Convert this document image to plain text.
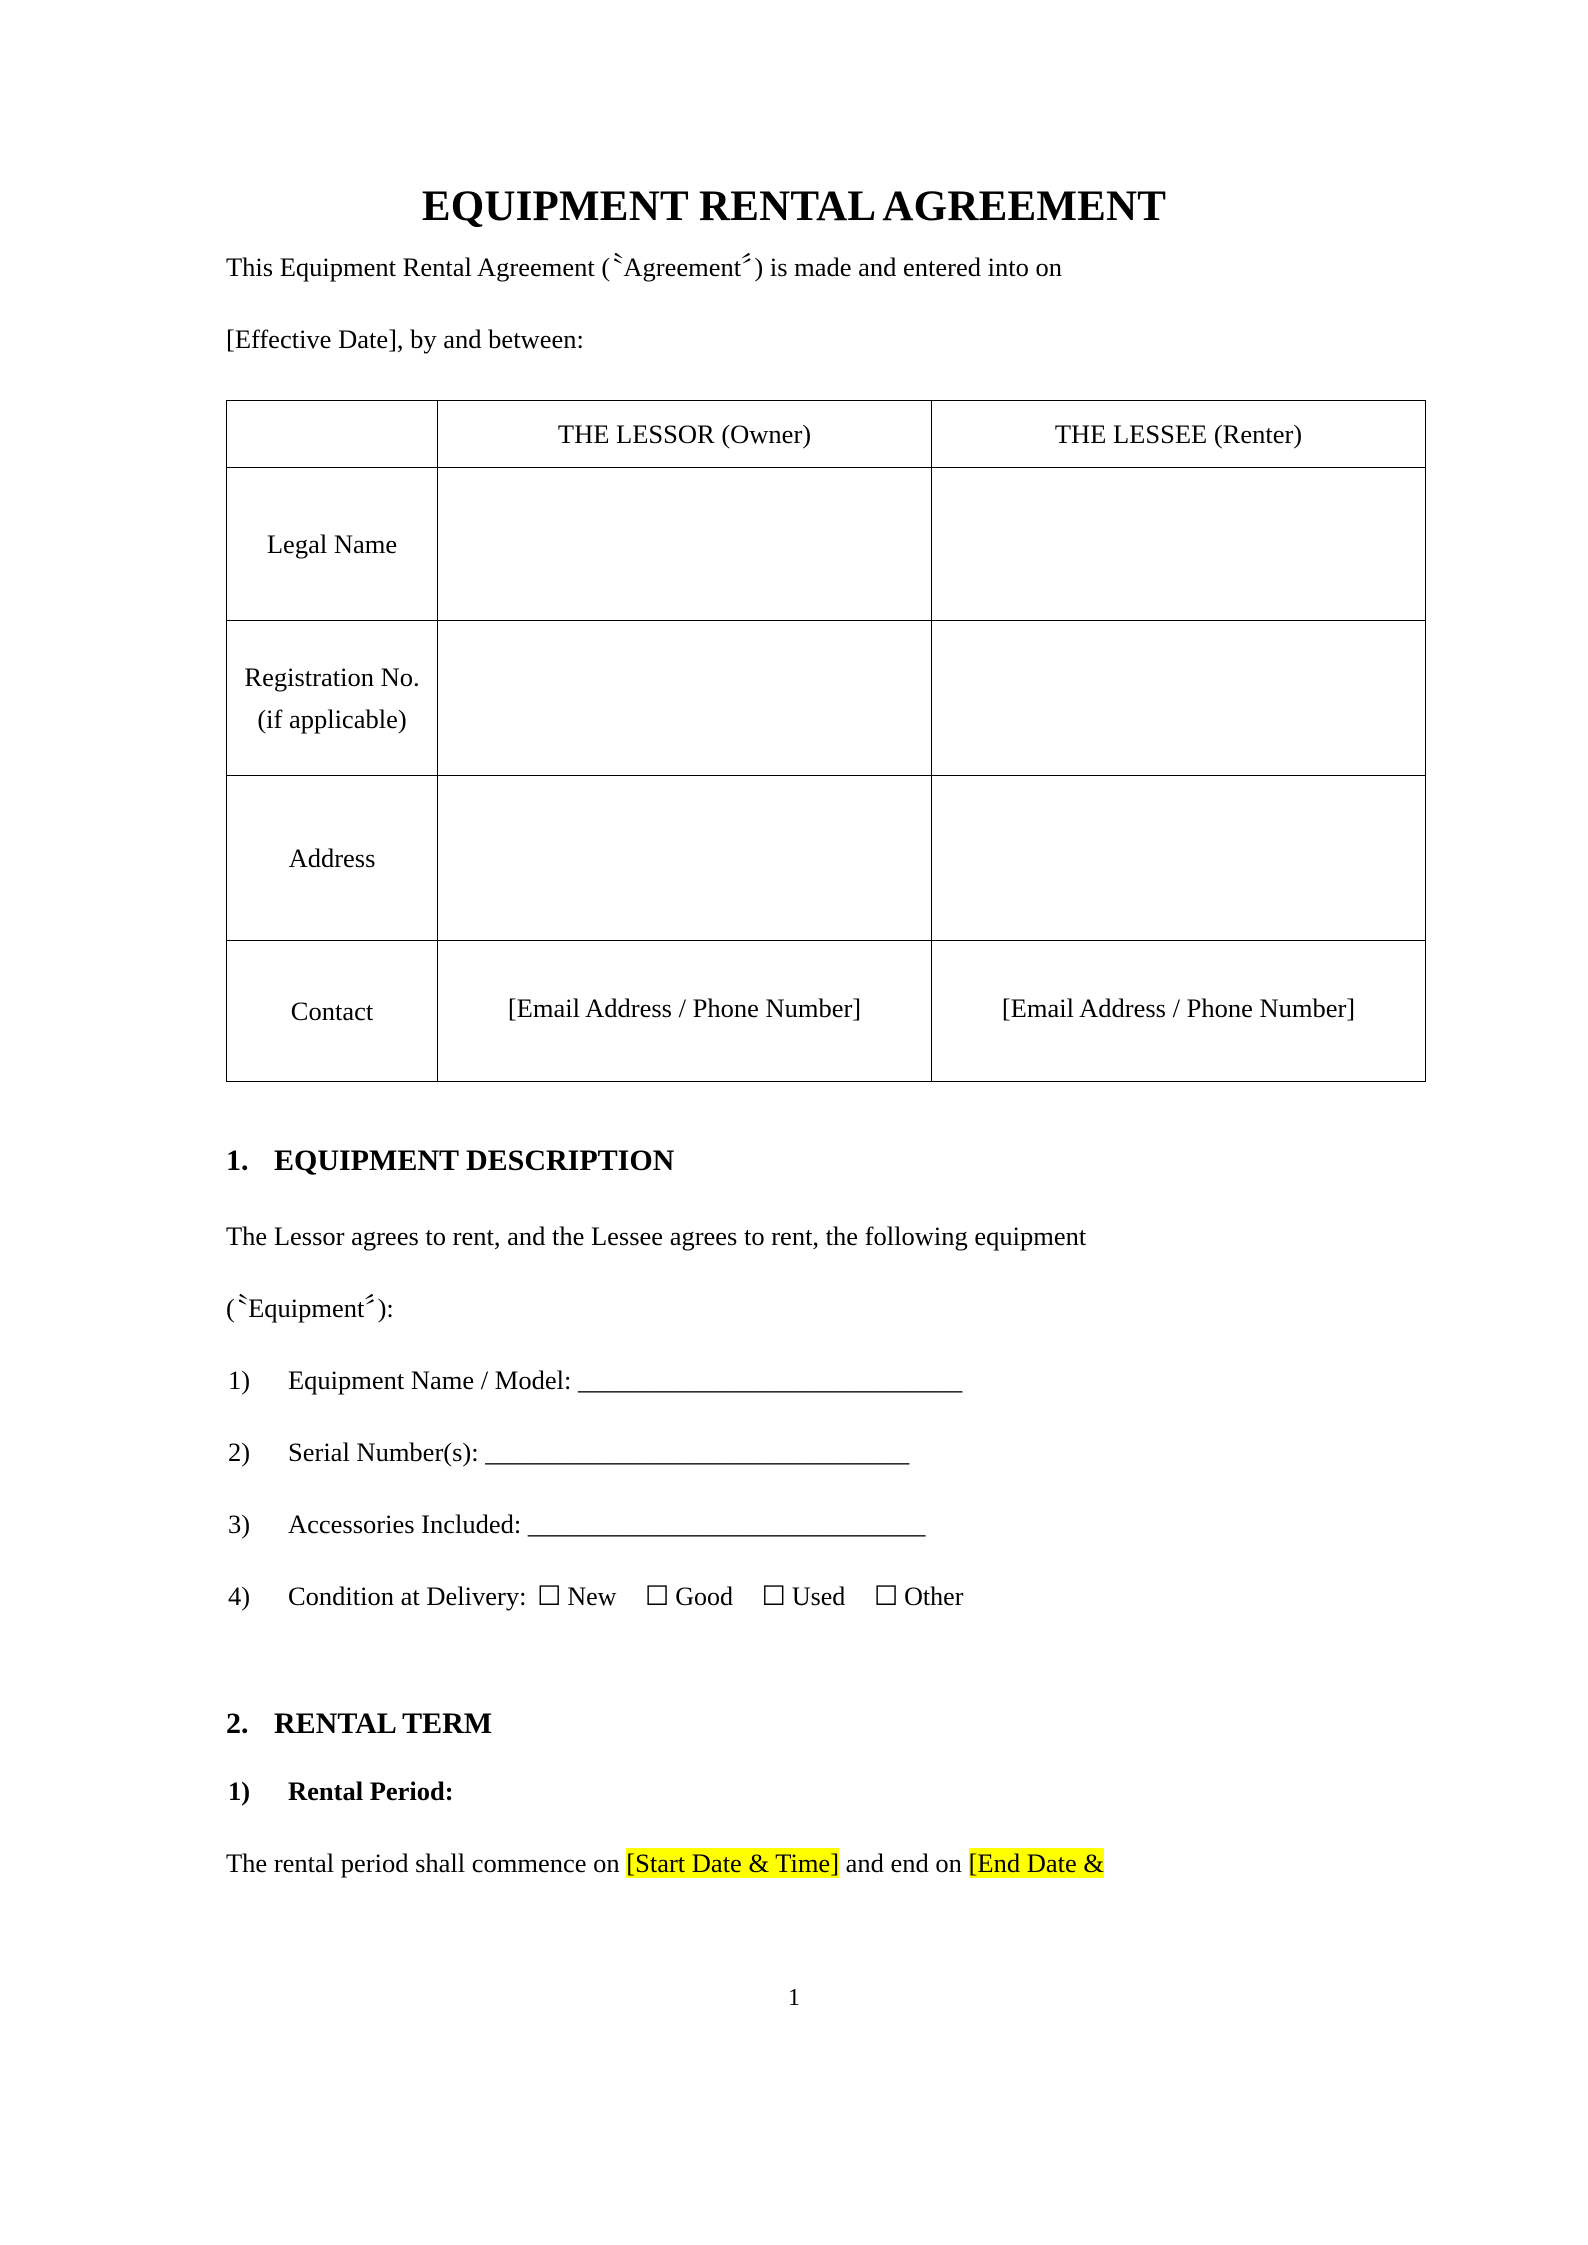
EQUIPMENT RENTAL AGREEMENT

This Equipment Rental Agreement (〝Agreement〞) is made and entered into on

[Effective Date], by and between:

	THE LESSOR (Owner)	THE LESSEE (Renter)
Legal Name		
Registration No. (if applicable)		
Address		
Contact	[Email Address / Phone Number]	[Email Address / Phone Number]
1. EQUIPMENT DESCRIPTION

The Lessor agrees to rent, and the Lessee agrees to rent, the following equipment

(〝Equipment〞):

1) Equipment Name / Model: _____________________________
2) Serial Number(s): ________________________________
3) Accessories Included: ______________________________
4) Condition at Delivery: ☐ New ☐ Good ☐ Used ☐ Other
2. RENTAL TERM

1) Rental Period:

The rental period shall commence on [Start Date & Time] and end on [End Date &

1
